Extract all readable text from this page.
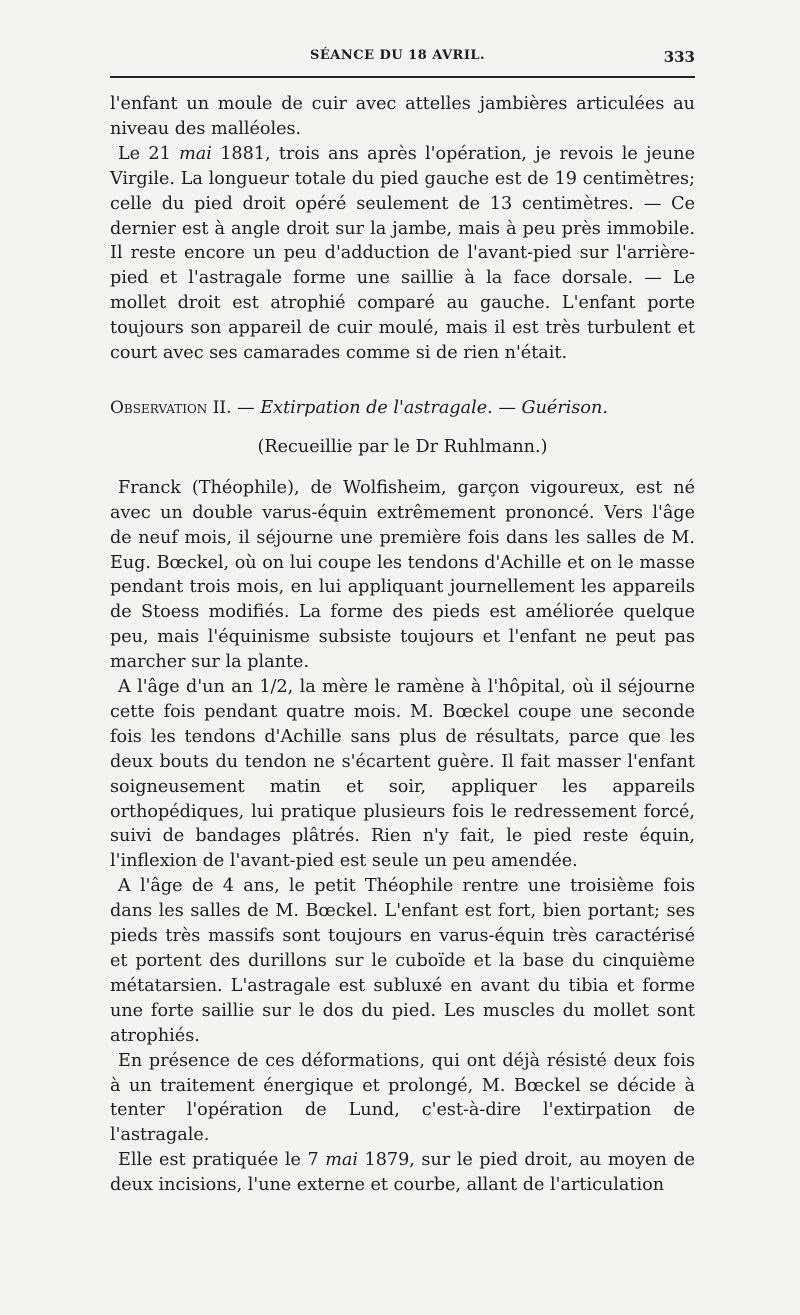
SÉANCE DU 18 AVRIL.	333

l'enfant un moule de cuir avec attelles jambières articulées au niveau des malléoles.

Le 21 mai 1881, trois ans après l'opération, je revois le jeune Virgile. La longueur totale du pied gauche est de 19 centimètres; celle du pied droit opéré seulement de 13 centimètres. — Ce dernier est à angle droit sur la jambe, mais à peu près immobile. Il reste encore un peu d'adduction de l'avant-pied sur l'arrière-pied et l'astragale forme une saillie à la face dorsale. — Le mollet droit est atrophié comparé au gauche. L'enfant porte toujours son appareil de cuir moulé, mais il est très turbulent et court avec ses camarades comme si de rien n'était.

Observation II. — Extirpation de l'astragale. — Guérison.

(Recueillie par le Dr Ruhlmann.)

Franck (Théophile), de Wolfisheim, garçon vigoureux, est né avec un double varus-équin extrêmement prononcé. Vers l'âge de neuf mois, il séjourne une première fois dans les salles de M. Eug. Bœckel, où on lui coupe les tendons d'Achille et on le masse pendant trois mois, en lui appliquant journellement les appareils de Stoess modifiés. La forme des pieds est améliorée quelque peu, mais l'équinisme subsiste toujours et l'enfant ne peut pas marcher sur la plante.

A l'âge d'un an 1/2, la mère le ramène à l'hôpital, où il séjourne cette fois pendant quatre mois. M. Bœckel coupe une seconde fois les tendons d'Achille sans plus de résultats, parce que les deux bouts du tendon ne s'écartent guère. Il fait masser l'enfant soigneusement matin et soir, appliquer les appareils orthopédiques, lui pratique plusieurs fois le redressement forcé, suivi de bandages plâtrés. Rien n'y fait, le pied reste équin, l'inflexion de l'avant-pied est seule un peu amendée.

A l'âge de 4 ans, le petit Théophile rentre une troisième fois dans les salles de M. Bœckel. L'enfant est fort, bien portant; ses pieds très massifs sont toujours en varus-équin très caractérisé et portent des durillons sur le cuboïde et la base du cinquième métatarsien. L'astragale est subluxé en avant du tibia et forme une forte saillie sur le dos du pied. Les muscles du mollet sont atrophiés.

En présence de ces déformations, qui ont déjà résisté deux fois à un traitement énergique et prolongé, M. Bœckel se décide à tenter l'opération de Lund, c'est-à-dire l'extirpation de l'astragale.

Elle est pratiquée le 7 mai 1879, sur le pied droit, au moyen de deux incisions, l'une externe et courbe, allant de l'articulation
